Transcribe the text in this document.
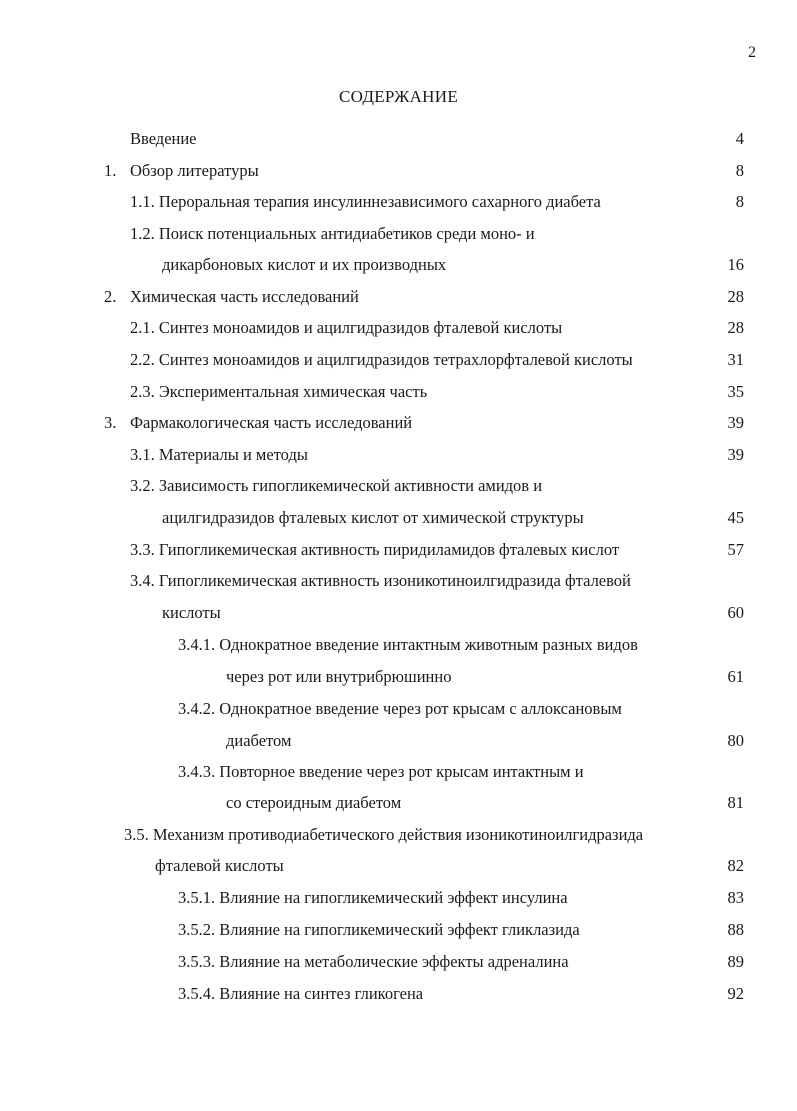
2
СОДЕРЖАНИЕ
Введение	4
1. Обзор литературы	8
1.1. Пероральная терапия инсулиннезависимого сахарного диабета	8
1.2. Поиск потенциальных антидиабетиков среди моно- и
дикарбоновых кислот и их производных	16
2. Химическая часть исследований	28
2.1. Синтез моноамидов и ацилгидразидов фталевой кислоты	28
2.2. Синтез моноамидов и ацилгидразидов тетрахлорфталевой кислоты	31
2.3. Экспериментальная химическая часть	35
3. Фармакологическая часть исследований	39
3.1. Материалы и методы	39
3.2. Зависимость гипогликемической активности амидов и
ацилгидразидов фталевых кислот от химической структуры	45
3.3. Гипогликемическая активность пиридиламидов фталевых кислот	57
3.4. Гипогликемическая активность изоникотиноилгидразида фталевой
кислоты	60
3.4.1. Однократное введение интактным животным разных видов
через рот или внутрибрюшинно	61
3.4.2. Однократное введение через рот крысам с аллоксановым
диабетом	80
3.4.3. Повторное введение через рот крысам интактным и
со стероидным диабетом	81
3.5. Механизм противодиабетического действия изоникотиноилгидразида
фталевой кислоты	82
3.5.1. Влияние на гипогликемический эффект инсулина	83
3.5.2. Влияние на гипогликемический эффект гликлазида	88
3.5.3. Влияние на метаболические эффекты адреналина	89
3.5.4. Влияние на синтез гликогена	92
